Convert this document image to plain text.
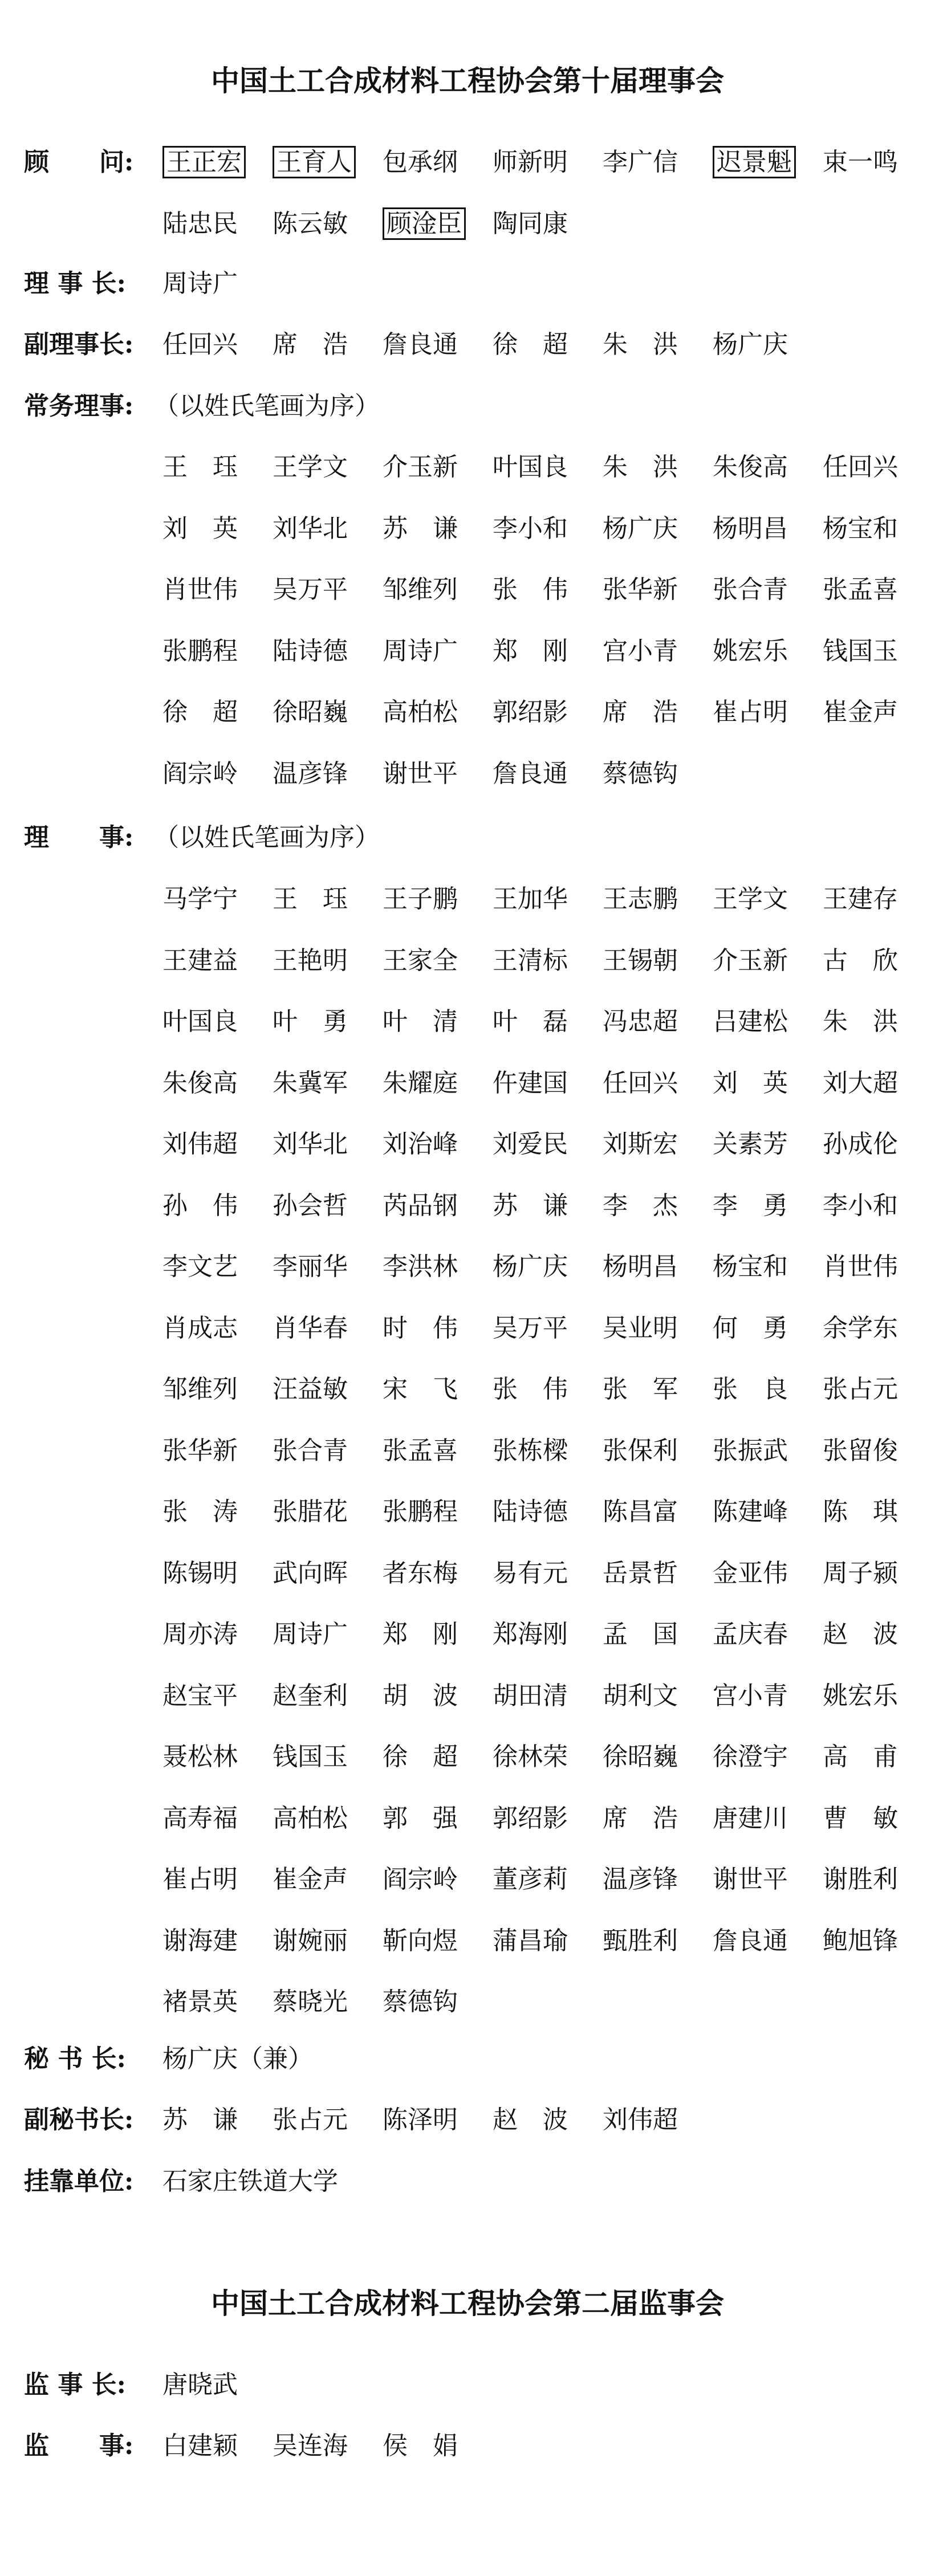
中国土工合成材料工程协会第十届理事会
顾　　问: 王正宏	王育人	包承纲	师新明	李广信	迟景魁	束一鸣
陆忠民	陈云敏	顾淦臣	陶同康
理 事 长: 周诗广
副理事长: 任回兴	席　浩	詹良通	徐　超	朱　洪	杨广庆
常务理事: （以姓氏笔画为序）
王　珏	王学文	介玉新	叶国良	朱　洪	朱俊高	任回兴
刘　英	刘华北	苏　谦	李小和	杨广庆	杨明昌	杨宝和
肖世伟	吴万平	邹维列	张　伟	张华新	张合青	张孟喜
张鹏程	陆诗德	周诗广	郑　刚	宫小青	姚宏乐	钱国玉
徐　超	徐昭巍	高柏松	郭绍影	席　浩	崔占明	崔金声
阎宗岭	温彦锋	谢世平	詹良通	蔡德钩
理　　事: （以姓氏笔画为序）
马学宁	王　珏	王子鹏	王加华	王志鹏	王学文	王建存
王建益	王艳明	王家全	王清标	王锡朝	介玉新	古　欣
叶国良	叶　勇	叶　清	叶　磊	冯忠超	吕建松	朱　洪
朱俊高	朱冀军	朱耀庭	仵建国	任回兴	刘　英	刘大超
刘伟超	刘华北	刘治峰	刘爱民	刘斯宏	关素芳	孙成伦
孙　伟	孙会哲	芮品钢	苏　谦	李　杰	李　勇	李小和
李文艺	李丽华	李洪林	杨广庆	杨明昌	杨宝和	肖世伟
肖成志	肖华春	时　伟	吴万平	吴业明	何　勇	余学东
邹维列	汪益敏	宋　飞	张　伟	张　军	张　良	张占元
张华新	张合青	张孟喜	张栋樑	张保利	张振武	张留俊
张　涛	张腊花	张鹏程	陆诗德	陈昌富	陈建峰	陈　琪
陈锡明	武向晖	者东梅	易有元	岳景哲	金亚伟	周子颍
周亦涛	周诗广	郑　刚	郑海刚	孟　国	孟庆春	赵　波
赵宝平	赵奎利	胡　波	胡田清	胡利文	宫小青	姚宏乐
聂松林	钱国玉	徐　超	徐林荣	徐昭巍	徐澄宇	高　甫
高寿福	高柏松	郭　强	郭绍影	席　浩	唐建川	曹　敏
崔占明	崔金声	阎宗岭	董彦莉	温彦锋	谢世平	谢胜利
谢海建	谢婉丽	靳向煜	蒲昌瑜	甄胜利	詹良通	鲍旭锋
褚景英	蔡晓光	蔡德钩
秘 书 长: 杨广庆（兼）
副秘书长: 苏　谦	张占元	陈泽明	赵　波	刘伟超
挂靠单位: 石家庄铁道大学
中国土工合成材料工程协会第二届监事会
监 事 长: 唐晓武
监　　事: 白建颖	吴连海	侯　娟
